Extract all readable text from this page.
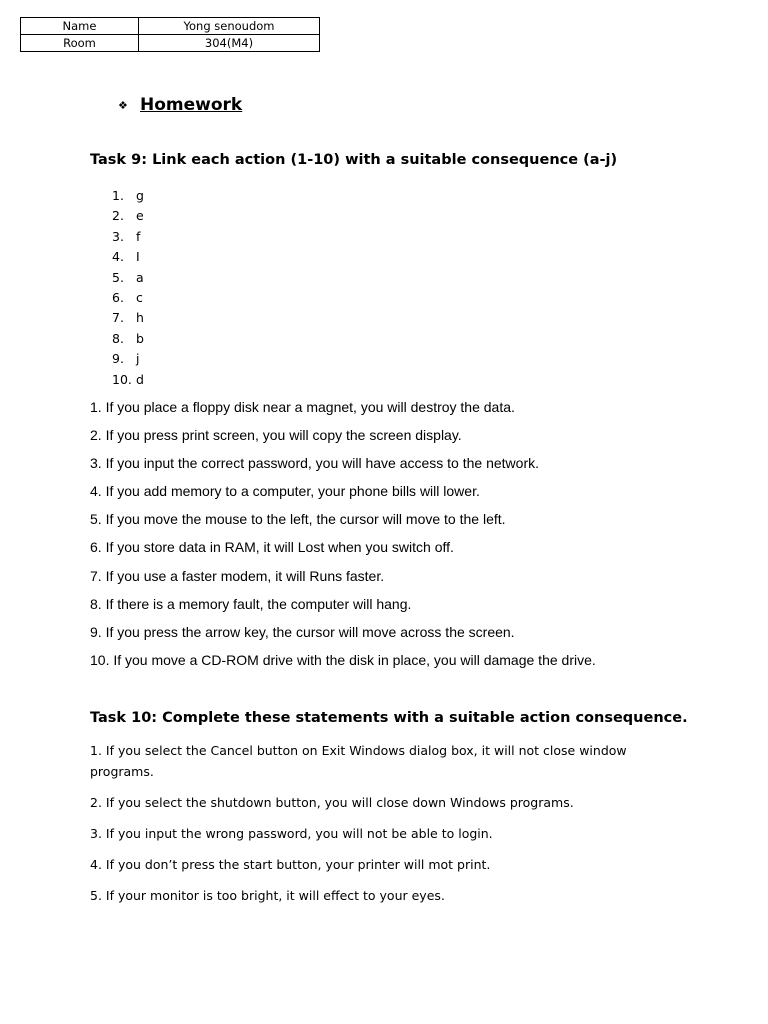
Name	Yong senoudom
Room	304(M4)
❖ Homework
Task 9: Link each action (1-10) with a suitable consequence (a-j)
1. g
2. e
3. f
4. I
5. a
6. c
7. h
8. b
9. j
10. d
1. If you place a floppy disk near a magnet, you will destroy the data.
2. If you press print screen, you will copy the screen display.
3. If you input the correct password, you will have access to the network.
4. If you add memory to a computer, your phone bills will lower.
5. If you move the mouse to the left, the cursor will move to the left.
6. If you store data in RAM, it will Lost when you switch off.
7. If you use a faster modem, it will Runs faster.
8. If there is a memory fault, the computer will hang.
9. If you press the arrow key, the cursor will move across the screen.
10. If you move a CD-ROM drive with the disk in place, you will damage the drive.
Task 10: Complete these statements with a suitable action consequence.
1. If you select the Cancel button on Exit Windows dialog box, it will not close window programs.
2. If you select the shutdown button, you will close down Windows programs.
3. If you input the wrong password, you will not be able to login.
4. If you don’t press the start button, your printer will mot print.
5. If your monitor is too bright, it will effect to your eyes.
